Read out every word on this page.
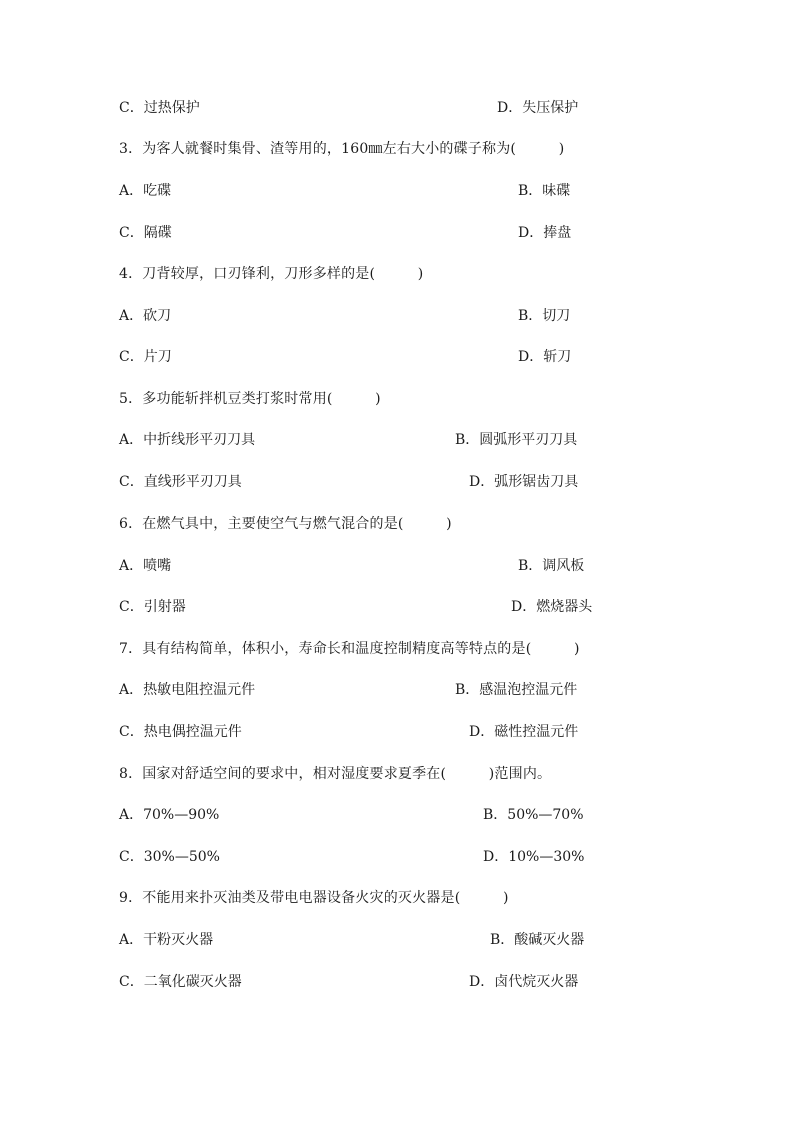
C．过热保护	D．失压保护
3．为客人就餐时集骨、渣等用的，160㎜左右大小的碟子称为(　　　)
A．吃碟	B．味碟
C．隔碟	D．捧盘
4．刀背较厚，口刃锋利，刀形多样的是(　　　)
A．砍刀	B．切刀
C．片刀	D．斩刀
5．多功能斩拌机豆类打浆时常用(　　　)
A．中折线形平刃刀具	B．圆弧形平刃刀具
C．直线形平刃刀具	D．弧形锯齿刀具
6．在燃气具中，主要使空气与燃气混合的是(　　　)
A．喷嘴	B．调风板
C．引射器	D．燃烧器头
7．具有结构简单，体积小，寿命长和温度控制精度高等特点的是(　　　)
A．热敏电阻控温元件	B．感温泡控温元件
C．热电偶控温元件	D．磁性控温元件
8．国家对舒适空间的要求中，相对湿度要求夏季在(　　　)范围内。
A．70%—90%	B．50%—70%
C．30%—50%	D．10%—30%
9．不能用来扑灭油类及带电电器设备火灾的灭火器是(　　　)
A．干粉灭火器	B．酸碱灭火器
C．二氧化碳灭火器	D．卤代烷灭火器
